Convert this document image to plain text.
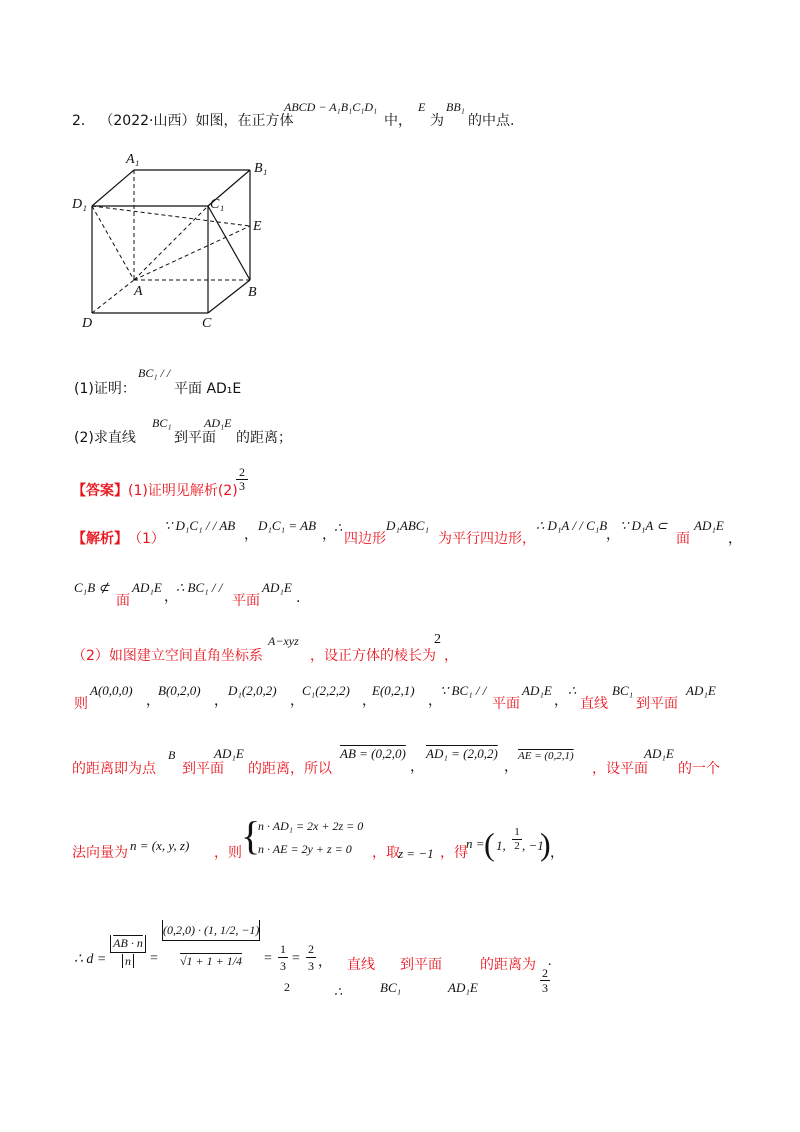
2． （2022·山西）如图，在正方体
ABCD − A₁B₁C₁D₁
中，
E
为
BB₁
的中点.
A₁
B₁
D₁	C₁
E
A	B
D	C
(1)证明：
BC₁ / /
平面 AD₁E
(2)求直线
BC₁
到平面
AD₁E
的距离；
【答案】 (1)证明见解析(2)
$\frac{2}{3}$
【解析】 （1）
∵ D₁C₁ / / AB
，
D₁C₁ = AB
，
∴
四边形
D₁ABC₁
为平行四边形，
∴ D₁A / / C₁B
，
∵ D₁A ⊂
面
AD₁E
，
C₁B ⊄
面
AD₁E
，
∴ BC₁ / /
平面
AD₁E
.
（2）如图建立空间直角坐标系
A−xyz
，设正方体的棱长为
2
，
则
A(0,0,0)
，
B(0,2,0)
，
D₁(2,0,2)
，
C₁(2,2,2)
，
E(0,2,1)
，
∵ BC₁ / /
平面
AD₁E
，
∴
直线
BC₁
到平面
AD₁E
的距离即为点
B
到平面
AD₁E
的距离，所以
AB = (0,2,0)
，
AD₁ = (2,0,2)
，
AE = (0,2,1)
，设平面
AD₁E
的一个
法向量为 n = (x, y, z) ，则 {
n · AD₁ = 2x + 2z = 0
n · AE = 2y + z = 0 ，取
z = −1 ，得
n = ( 1, $\frac{1}{2}$ , −1
) ，
∴ d =
AB · n
n	=
(0,2,0) · (1, 1/2, −1)
√1 + 1 + 1/4	= $\frac{1}{3}$
2
= $\frac{2}{3}$ ， 直线 到平面	的距离为
$\frac{2}{3}$
.
∴	BC₁	AD₁E
